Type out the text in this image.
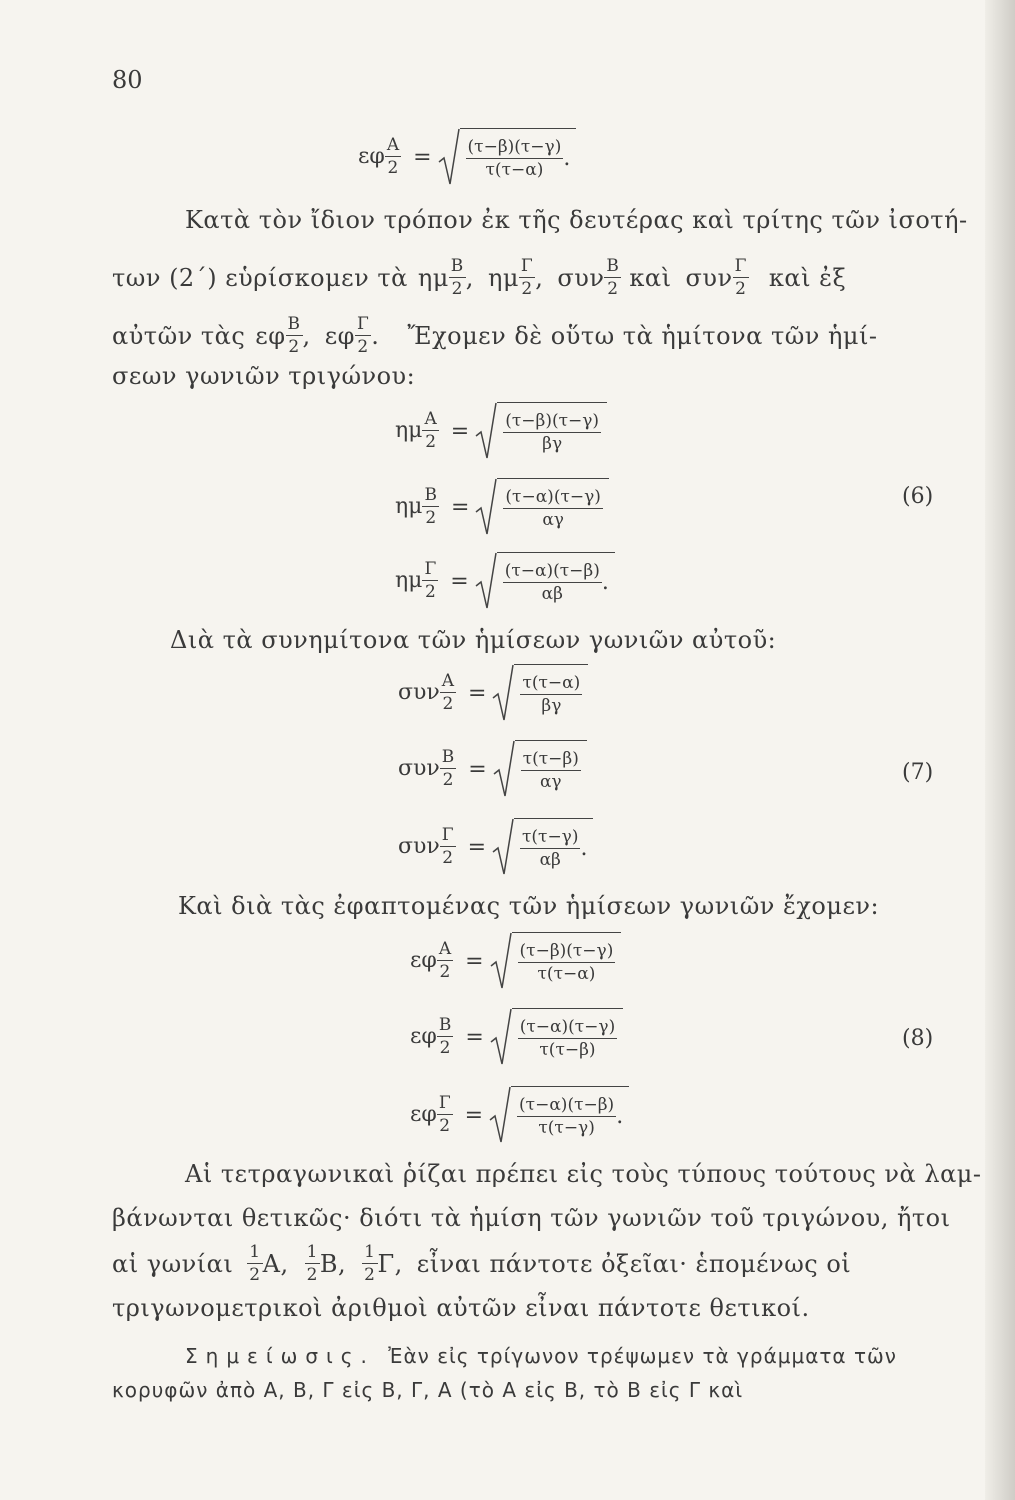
80
εφ $\frac{A}{2} = \frac{(\tau-\beta)(\tau-\gamma)}{\tau(\tau-\alpha)}$ .
Κατὰ τὸν ἴδιον τρόπον ἐκ τῆς δευτέρας καὶ τρίτης τῶν ἰσοτή-
των (2΄) εὑρίσκομεν τὰ ημ $\frac{B}{2}$ , ημ $\frac{\Gamma}{2}$ , συν $\frac{B}{2}$ καὶ συν $\frac{\Gamma}{2}$ καὶ ἐξ
αὐτῶν τὰς εφ $\frac{B}{2}$ , εφ $\frac{\Gamma}{2}$ . Ἔχομεν δὲ οὕτω τὰ ἡμίτονα τῶν ἡμί-
σεων γωνιῶν τριγώνου:
ημ $\frac{A}{2} = \frac{(\tau-\beta)(\tau-\gamma)}{\beta\gamma}$
ημ $\frac{B}{2} = \frac{(\tau-\alpha)(\tau-\gamma)}{\alpha\gamma}$	(6)
ημ $\frac{\Gamma}{2} = \frac{(\tau-\alpha)(\tau-\beta)}{\alpha\beta}$ .
Διὰ τὰ συνημίτονα τῶν ἡμίσεων γωνιῶν αὐτοῦ:
συν $\frac{A}{2} = \frac{\tau(\tau-\alpha)}{\beta\gamma}$
συν $\frac{B}{2} = \frac{\tau(\tau-\beta)}{\alpha\gamma}$	(7)
συν $\frac{\Gamma}{2} = \frac{\tau(\tau-\gamma)}{\alpha\beta}$ .
Καὶ διὰ τὰς ἐφαπτομένας τῶν ἡμίσεων γωνιῶν ἔχομεν:
εφ $\frac{A}{2} = \frac{(\tau-\beta)(\tau-\gamma)}{\tau(\tau-\alpha)}$
εφ $\frac{B}{2} = \frac{(\tau-\alpha)(\tau-\gamma)}{\tau(\tau-\beta)}$	(8)
εφ $\frac{\Gamma}{2} = \frac{(\tau-\alpha)(\tau-\beta)}{\tau(\tau-\gamma)}$ .
Αἱ τετραγωνικαὶ ῥίζαι πρέπει εἰς τοὺς τύπους τούτους νὰ λαμ-
βάνωνται θετικῶς· διότι τὰ ἡμίση τῶν γωνιῶν τοῦ τριγώνου, ἤτοι
αἱ γωνίαι $\frac{1}{2} A$, $\frac{1}{2} B$, $\frac{1}{2} \Gamma$, εἶναι πάντοτε ὀξεῖαι· ἑπομένως οἱ
τριγωνομετρικοὶ ἀριθμοὶ αὐτῶν εἶναι πάντοτε θετικοί.
Σημείωσις. Ἐὰν εἰς τρίγωνον τρέψωμεν τὰ γράμματα τῶν
κορυφῶν ἀπὸ Α, Β, Γ εἰς Β, Γ, Α (τὸ Α εἰς Β, τὸ Β εἰς Γ καὶ
